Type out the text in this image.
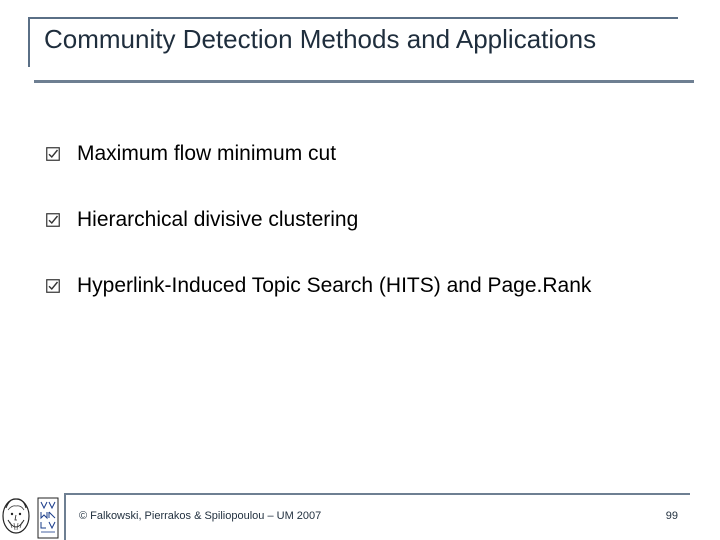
Community Detection Methods and Applications
Maximum flow minimum cut
Hierarchical divisive clustering
Hyperlink-Induced Topic Search (HITS) and Page.Rank
© Falkowski, Pierrakos & Spiliopoulou – UM 2007	99
